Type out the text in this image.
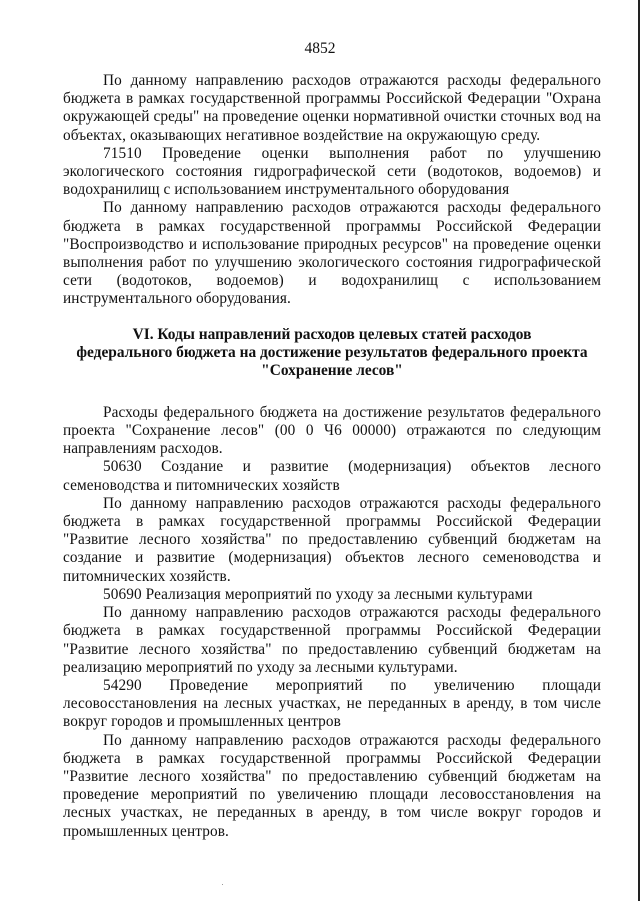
4852

По данному направлению расходов отражаются расходы федерального бюджета в рамках государственной программы Российской Федерации "Охрана окружающей среды" на проведение оценки нормативной очистки сточных вод на объектах, оказывающих негативное воздействие на окружающую среду.

71510 Проведение оценки выполнения работ по улучшению экологического состояния гидрографической сети (водотоков, водоемов) и водохранилищ с использованием инструментального оборудования

По данному направлению расходов отражаются расходы федерального бюджета в рамках государственной программы Российской Федерации "Воспроизводство и использование природных ресурсов" на проведение оценки выполнения работ по улучшению экологического состояния гидрографической сети (водотоков, водоемов) и водохранилищ с использованием инструментального оборудования.

VI. Коды направлений расходов целевых статей расходов
федерального бюджета на достижение результатов федерального проекта
"Сохранение лесов"

Расходы федерального бюджета на достижение результатов федерального проекта "Сохранение лесов" (00 0 Ч6 00000) отражаются по следующим направлениям расходов.

50630 Создание и развитие (модернизация) объектов лесного семеноводства и питомнических хозяйств

По данному направлению расходов отражаются расходы федерального бюджета в рамках государственной программы Российской Федерации "Развитие лесного хозяйства" по предоставлению субвенций бюджетам на создание и развитие (модернизация) объектов лесного семеноводства и питомнических хозяйств.

50690 Реализация мероприятий по уходу за лесными культурами

По данному направлению расходов отражаются расходы федерального бюджета в рамках государственной программы Российской Федерации "Развитие лесного хозяйства" по предоставлению субвенций бюджетам на реализацию мероприятий по уходу за лесными культурами.

54290 Проведение мероприятий по увеличению площади лесовосстановления на лесных участках, не переданных в аренду, в том числе вокруг городов и промышленных центров

По данному направлению расходов отражаются расходы федерального бюджета в рамках государственной программы Российской Федерации "Развитие лесного хозяйства" по предоставлению субвенций бюджетам на проведение мероприятий по увеличению площади лесовосстановления на лесных участках, не переданных в аренду, в том числе вокруг городов и промышленных центров.
